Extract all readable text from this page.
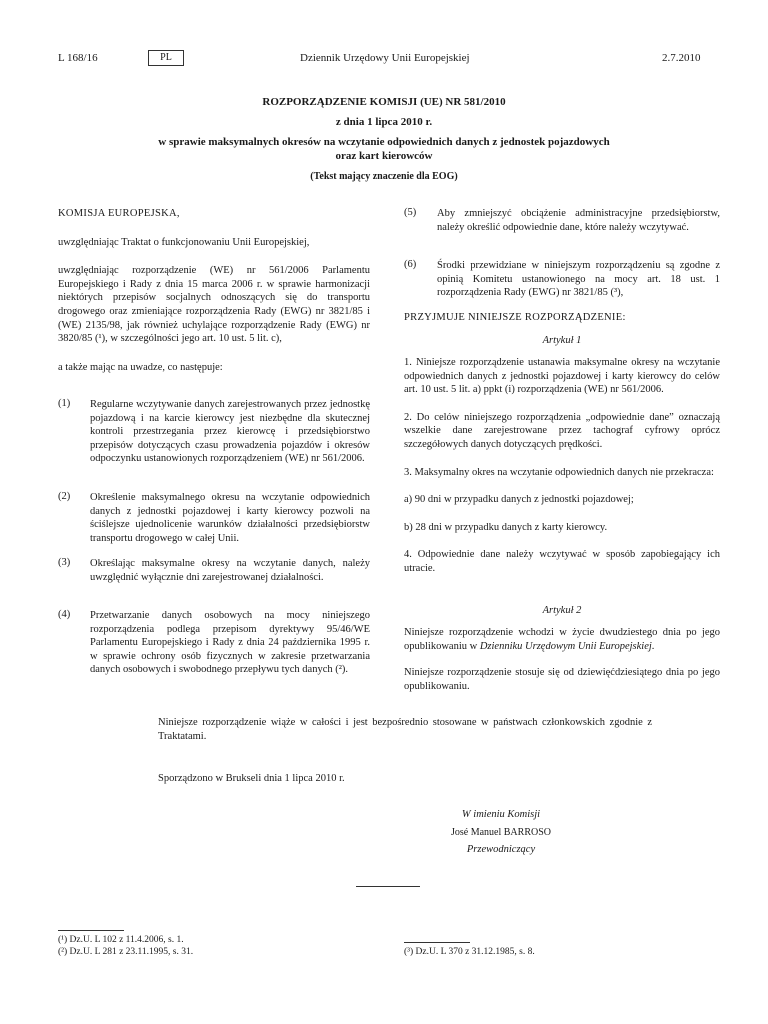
L 168/16	PL	Dziennik Urzędowy Unii Europejskiej	2.7.2010
ROZPORZĄDZENIE KOMISJI (UE) NR 581/2010
z dnia 1 lipca 2010 r.
w sprawie maksymalnych okresów na wczytanie odpowiednich danych z jednostek pojazdowych
oraz kart kierowców
(Tekst mający znaczenie dla EOG)

KOMISJA EUROPEJSKA,

uwzględniając Traktat o funkcjonowaniu Unii Europejskiej,

uwzględniając rozporządzenie (WE) nr 561/2006 Parlamentu Europejskiego i Rady z dnia 15 marca 2006 r. w sprawie harmonizacji niektórych przepisów socjalnych odnoszących się do transportu drogowego oraz zmieniające rozporządzenia Rady (EWG) nr 3821/85 i (WE) 2135/98, jak również uchylające rozporządzenie Rady (EWG) nr 3820/85 (¹), w szczególności jego art. 10 ust. 5 lit. c),

a także mając na uwadze, co następuje:

(1) Regularne wczytywanie danych zarejestrowanych przez jednostkę pojazdową i na karcie kierowcy jest niezbędne dla skutecznej kontroli przestrzegania przez kierowcę i przedsiębiorstwo przepisów dotyczących czasu prowadzenia pojazdów i okresów odpoczynku ustanowionych rozporządzeniem (WE) nr 561/2006.
(2) Określenie maksymalnego okresu na wczytanie odpowiednich danych z jednostki pojazdowej i karty kierowcy pozwoli na ściślejsze ujednolicenie warunków działalności przedsiębiorstw transportu drogowego w całej Unii.
(3) Określając maksymalne okresy na wczytanie danych, należy uwzględnić wyłącznie dni zarejestrowanej działalności.
(4) Przetwarzanie danych osobowych na mocy niniejszego rozporządzenia podlega przepisom dyrektywy 95/46/WE Parlamentu Europejskiego i Rady z dnia 24 października 1995 r. w sprawie ochrony osób fizycznych w zakresie przetwarzania danych osobowych i swobodnego przepływu tych danych (²).
(5) Aby zmniejszyć obciążenie administracyjne przedsiębiorstw, należy określić odpowiednie dane, które należy wczytywać.
(6) Środki przewidziane w niniejszym rozporządzeniu są zgodne z opinią Komitetu ustanowionego na mocy art. 18 ust. 1 rozporządzenia Rady (EWG) nr 3821/85 (³),

PRZYJMUJE NINIEJSZE ROZPORZĄDZENIE:

Artykuł 1

1. Niniejsze rozporządzenie ustanawia maksymalne okresy na wczytanie odpowiednich danych z jednostki pojazdowej i karty kierowcy do celów art. 10 ust. 5 lit. a) ppkt (i) rozporządzenia (WE) nr 561/2006.

2. Do celów niniejszego rozporządzenia „odpowiednie dane” oznaczają wszelkie dane zarejestrowane przez tachograf cyfrowy oprócz szczegółowych danych dotyczących prędkości.

3. Maksymalny okres na wczytanie odpowiednich danych nie przekracza:

a) 90 dni w przypadku danych z jednostki pojazdowej;

b) 28 dni w przypadku danych z karty kierowcy.

4. Odpowiednie dane należy wczytywać w sposób zapobiegający ich utracie.

Artykuł 2

Niniejsze rozporządzenie wchodzi w życie dwudziestego dnia po jego opublikowaniu w Dzienniku Urzędowym Unii Europejskiej.

Niniejsze rozporządzenie stosuje się od dziewięćdziesiątego dnia po jego opublikowaniu.

Niniejsze rozporządzenie wiąże w całości i jest bezpośrednio stosowane w państwach członkowskich zgodnie z Traktatami.
Sporządzono w Brukseli dnia 1 lipca 2010 r.
W imieniu Komisji
José Manuel BARROSO
Przewodniczący
(¹) Dz.U. L 102 z 11.4.2006, s. 1.
(²) Dz.U. L 281 z 23.11.1995, s. 31.	(³) Dz.U. L 370 z 31.12.1985, s. 8.
